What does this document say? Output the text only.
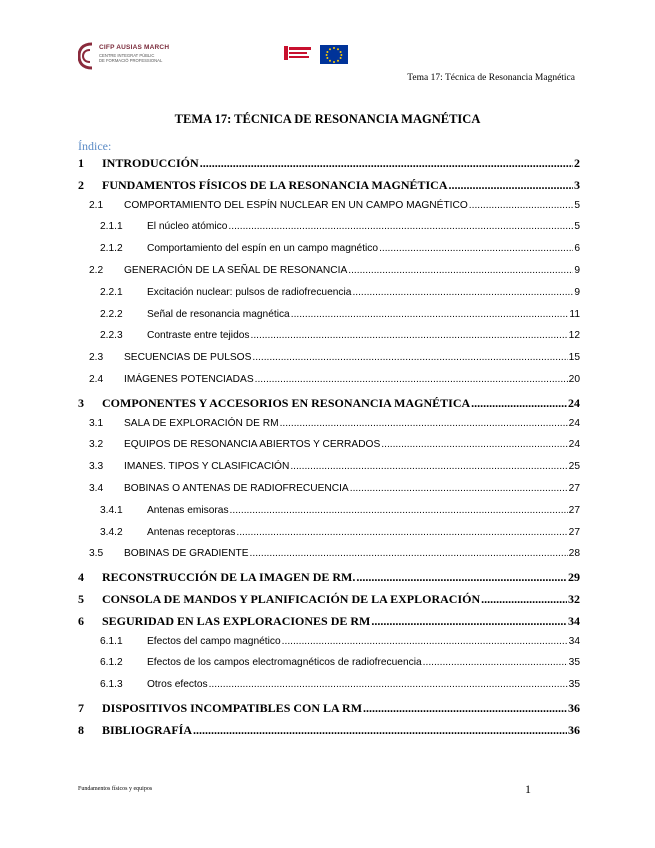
CIFP AUSIAS MARCH
CENTRE INTEGRAT PÚBLIC
DE FORMACIÓ PROFESSIONAL
Tema 17: Técnica de Resonancia Magnética
TEMA 17: TÉCNICA DE RESONANCIA MAGNÉTICA
Índice:
1	INTRODUCCIÓN .....	2
2	FUNDAMENTOS FÍSICOS DE LA RESONANCIA MAGNÉTICA .....	3
2.1	COMPORTAMIENTO DEL ESPÍN NUCLEAR EN UN CAMPO MAGNÉTICO .....	5
2.1.1	El núcleo atómico .....	5
2.1.2	Comportamiento del espín en un campo magnético .....	6
2.2	GENERACIÓN DE LA SEÑAL DE RESONANCIA .....	9
2.2.1	Excitación nuclear: pulsos de radiofrecuencia .....	9
2.2.2	Señal de resonancia magnética .....	11
2.2.3	Contraste entre tejidos .....	12
2.3	SECUENCIAS DE PULSOS .....	15
2.4	IMÁGENES POTENCIADAS .....	20
3	COMPONENTES Y ACCESORIOS EN RESONANCIA MAGNÉTICA .....	24
3.1	SALA DE EXPLORACIÓN DE RM .....	24
3.2	EQUIPOS DE RESONANCIA ABIERTOS Y CERRADOS .....	24
3.3	IMANES. TIPOS Y CLASIFICACIÓN .....	25
3.4	BOBINAS O ANTENAS DE RADIOFRECUENCIA .....	27
3.4.1	Antenas emisoras .....	27
3.4.2	Antenas receptoras .....	27
3.5	BOBINAS DE GRADIENTE .....	28
4	RECONSTRUCCIÓN DE LA IMAGEN DE RM. .....	29
5	CONSOLA DE MANDOS Y PLANIFICACIÓN DE LA EXPLORACIÓN .....	32
6	SEGURIDAD EN LAS EXPLORACIONES DE RM .....	34
6.1.1	Efectos del campo magnético .....	34
6.1.2	Efectos de los campos electromagnéticos de radiofrecuencia .....	35
6.1.3	Otros efectos .....	35
7	DISPOSITIVOS INCOMPATIBLES CON LA RM .....	36
8	BIBLIOGRAFÍA .....	36
Fundamentos físicos y equipos	1
